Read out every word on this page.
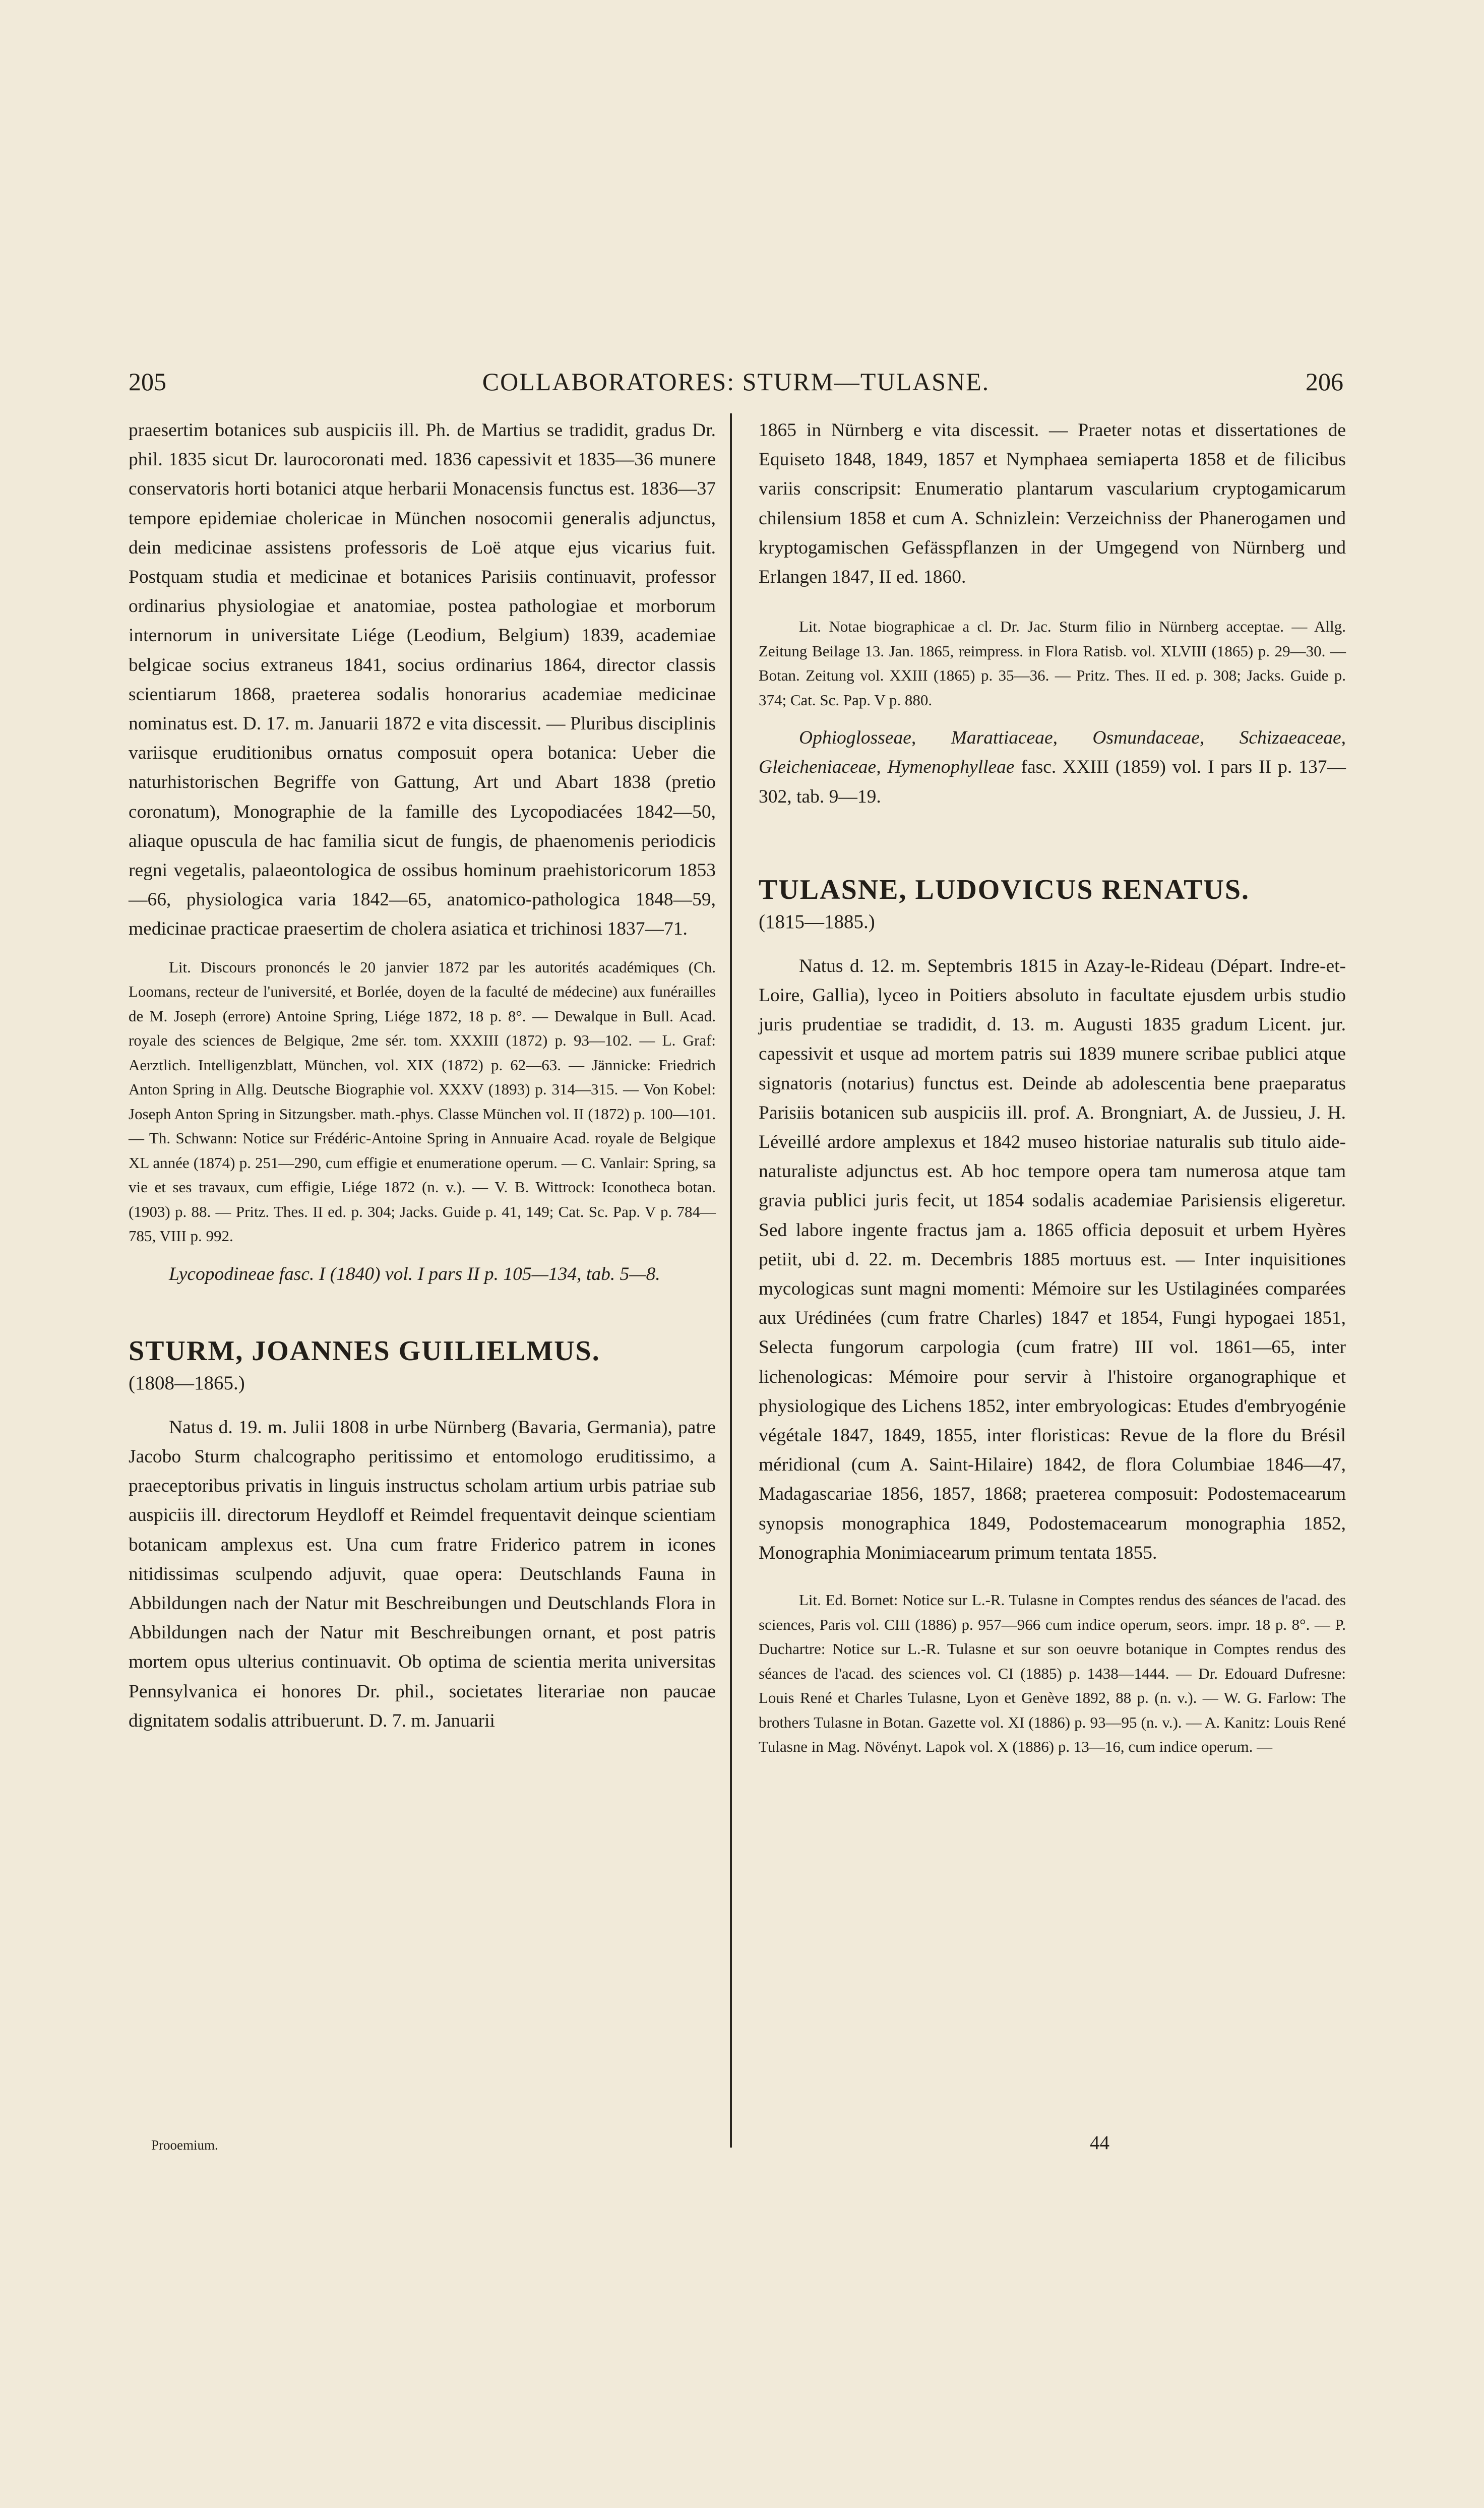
205	COLLABORATORES: STURM—TULASNE.	206

praesertim botanices sub auspiciis ill. Ph. de Martius se tradidit, gradus Dr. phil. 1835 sicut Dr. laurocoronati med. 1836 capessivit et 1835—36 munere conservatoris horti botanici atque herbarii Monacensis functus est. 1836—37 tempore epidemiae cholericae in München nosocomii generalis adjunctus, dein medicinae assistens professoris de Loë atque ejus vicarius fuit. Postquam studia et medicinae et botanices Parisiis continuavit, professor ordinarius physiologiae et anatomiae, postea pathologiae et morborum internorum in universitate Liége (Leodium, Belgium) 1839, academiae belgicae socius extraneus 1841, socius ordinarius 1864, director classis scientiarum 1868, praeterea sodalis honorarius academiae medicinae nominatus est. D. 17. m. Januarii 1872 e vita discessit. — Pluribus disciplinis variisque eruditionibus ornatus composuit opera botanica: Ueber die naturhistorischen Begriffe von Gattung, Art und Abart 1838 (pretio coronatum), Monographie de la famille des Lycopodiacées 1842—50, aliaque opuscula de hac familia sicut de fungis, de phaenomenis periodicis regni vegetalis, palaeontologica de ossibus hominum praehistoricorum 1853—66, physiologica varia 1842—65, anatomico-pathologica 1848—59, medicinae practicae praesertim de cholera asiatica et trichinosi 1837—71.

Lit. Discours prononcés le 20 janvier 1872 par les autorités académiques (Ch. Loomans, recteur de l'université, et Borlée, doyen de la faculté de médecine) aux funérailles de M. Joseph (errore) Antoine Spring, Liége 1872, 18 p. 8°. — Dewalque in Bull. Acad. royale des sciences de Belgique, 2me sér. tom. XXXIII (1872) p. 93—102. — L. Graf: Aerztlich. Intelligenzblatt, München, vol. XIX (1872) p. 62—63. — Jännicke: Friedrich Anton Spring in Allg. Deutsche Biographie vol. XXXV (1893) p. 314—315. — Von Kobel: Joseph Anton Spring in Sitzungsber. math.-phys. Classe München vol. II (1872) p. 100—101. — Th. Schwann: Notice sur Frédéric-Antoine Spring in Annuaire Acad. royale de Belgique XL année (1874) p. 251—290, cum effigie et enumeratione operum. — C. Vanlair: Spring, sa vie et ses travaux, cum effigie, Liége 1872 (n. v.). — V. B. Wittrock: Iconotheca botan. (1903) p. 88. — Pritz. Thes. II ed. p. 304; Jacks. Guide p. 41, 149; Cat. Sc. Pap. V p. 784—785, VIII p. 992.

Lycopodineae fasc. I (1840) vol. I pars II p. 105—134, tab. 5—8.

STURM, JOANNES GUILIELMUS.

(1808—1865.)

Natus d. 19. m. Julii 1808 in urbe Nürnberg (Bavaria, Germania), patre Jacobo Sturm chalcographo peritissimo et entomologo eruditissimo, a praeceptoribus privatis in linguis instructus scholam artium urbis patriae sub auspiciis ill. directorum Heydloff et Reimdel frequentavit deinque scientiam botanicam amplexus est. Una cum fratre Friderico patrem in icones nitidissimas sculpendo adjuvit, quae opera: Deutschlands Fauna in Abbildungen nach der Natur mit Beschreibungen und Deutschlands Flora in Abbildungen nach der Natur mit Beschreibungen ornant, et post patris mortem opus ulterius continuavit. Ob optima de scientia merita universitas Pennsylvanica ei honores Dr. phil., societates literariae non paucae dignitatem sodalis attribuerunt. D. 7. m. Januarii

1865 in Nürnberg e vita discessit. — Praeter notas et dissertationes de Equiseto 1848, 1849, 1857 et Nymphaea semiaperta 1858 et de filicibus variis conscripsit: Enumeratio plantarum vascularium cryptogamicarum chilensium 1858 et cum A. Schnizlein: Verzeichniss der Phanerogamen und kryptogamischen Gefässpflanzen in der Umgegend von Nürnberg und Erlangen 1847, II ed. 1860.

Lit. Notae biographicae a cl. Dr. Jac. Sturm filio in Nürnberg acceptae. — Allg. Zeitung Beilage 13. Jan. 1865, reimpress. in Flora Ratisb. vol. XLVIII (1865) p. 29—30. — Botan. Zeitung vol. XXIII (1865) p. 35—36. — Pritz. Thes. II ed. p. 308; Jacks. Guide p. 374; Cat. Sc. Pap. V p. 880.

Ophioglosseae, Marattiaceae, Osmundaceae, Schizaeaceae, Gleicheniaceae, Hymenophylleae fasc. XXIII (1859) vol. I pars II p. 137—302, tab. 9—19.

TULASNE, LUDOVICUS RENATUS.

(1815—1885.)

Natus d. 12. m. Septembris 1815 in Azay-le-Rideau (Départ. Indre-et-Loire, Gallia), lyceo in Poitiers absoluto in facultate ejusdem urbis studio juris prudentiae se tradidit, d. 13. m. Augusti 1835 gradum Licent. jur. capessivit et usque ad mortem patris sui 1839 munere scribae publici atque signatoris (notarius) functus est. Deinde ab adolescentia bene praeparatus Parisiis botanicen sub auspiciis ill. prof. A. Brongniart, A. de Jussieu, J. H. Léveillé ardore amplexus et 1842 museo historiae naturalis sub titulo aide-naturaliste adjunctus est. Ab hoc tempore opera tam numerosa atque tam gravia publici juris fecit, ut 1854 sodalis academiae Parisiensis eligeretur. Sed labore ingente fractus jam a. 1865 officia deposuit et urbem Hyères petiit, ubi d. 22. m. Decembris 1885 mortuus est. — Inter inquisitiones mycologicas sunt magni momenti: Mémoire sur les Ustilaginées comparées aux Urédinées (cum fratre Charles) 1847 et 1854, Fungi hypogaei 1851, Selecta fungorum carpologia (cum fratre) III vol. 1861—65, inter lichenologicas: Mémoire pour servir à l'histoire organographique et physiologique des Lichens 1852, inter embryologicas: Etudes d'embryogénie végétale 1847, 1849, 1855, inter floristicas: Revue de la flore du Brésil méridional (cum A. Saint-Hilaire) 1842, de flora Columbiae 1846—47, Madagascariae 1856, 1857, 1868; praeterea composuit: Podostemacearum synopsis monographica 1849, Podostemacearum monographia 1852, Monographia Monimiacearum primum tentata 1855.

Lit. Ed. Bornet: Notice sur L.-R. Tulasne in Comptes rendus des séances de l'acad. des sciences, Paris vol. CIII (1886) p. 957—966 cum indice operum, seors. impr. 18 p. 8°. — P. Duchartre: Notice sur L.-R. Tulasne et sur son oeuvre botanique in Comptes rendus des séances de l'acad. des sciences vol. CI (1885) p. 1438—1444. — Dr. Edouard Dufresne: Louis René et Charles Tulasne, Lyon et Genève 1892, 88 p. (n. v.). — W. G. Farlow: The brothers Tulasne in Botan. Gazette vol. XI (1886) p. 93—95 (n. v.). — A. Kanitz: Louis René Tulasne in Mag. Növényt. Lapok vol. X (1886) p. 13—16, cum indice operum. —

Prooemium.	44
